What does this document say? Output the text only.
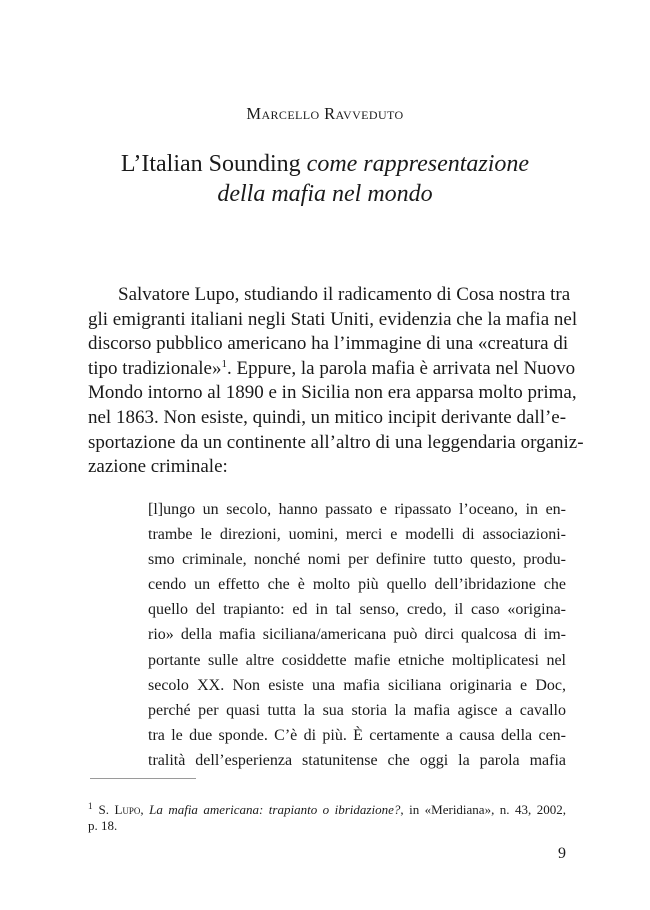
Marcello Ravveduto
L’Italian Sounding come rappresentazione
della mafia nel mondo

Salvatore Lupo, studiando il radicamento di Cosa nostra tra
gli emigranti italiani negli Stati Uniti, evidenzia che la mafia nel
discorso pubblico americano ha l’immagine di una «creatura di
tipo tradizionale»$^1$. Eppure, la parola mafia è arrivata nel Nuovo
Mondo intorno al 1890 e in Sicilia non era apparsa molto prima,
nel 1863. Non esiste, quindi, un mitico incipit derivante dall’e-
sportazione da un continente all’altro di una leggendaria organiz-
zazione criminale:

[l]ungo un secolo, hanno passato e ripassato l’oceano, in en-
trambe le direzioni, uomini, merci e modelli di associazioni-
smo criminale, nonché nomi per definire tutto questo, produ-
cendo un effetto che è molto più quello dell’ibridazione che
quello del trapianto: ed in tal senso, credo, il caso «origina-
rio» della mafia siciliana/americana può dirci qualcosa di im-
portante sulle altre cosiddette mafie etniche moltiplicatesi nel
secolo XX. Non esiste una mafia siciliana originaria e Doc,
perché per quasi tutta la sua storia la mafia agisce a cavallo
tra le due sponde. C’è di più. È certamente a causa della cen-
tralità dell’esperienza statunitense che oggi la parola mafia
$^1$ S. Lupo, La mafia americana: trapianto o ibridazione?, in «Meridiana», n. 43, 2002,
p. 18.
9
